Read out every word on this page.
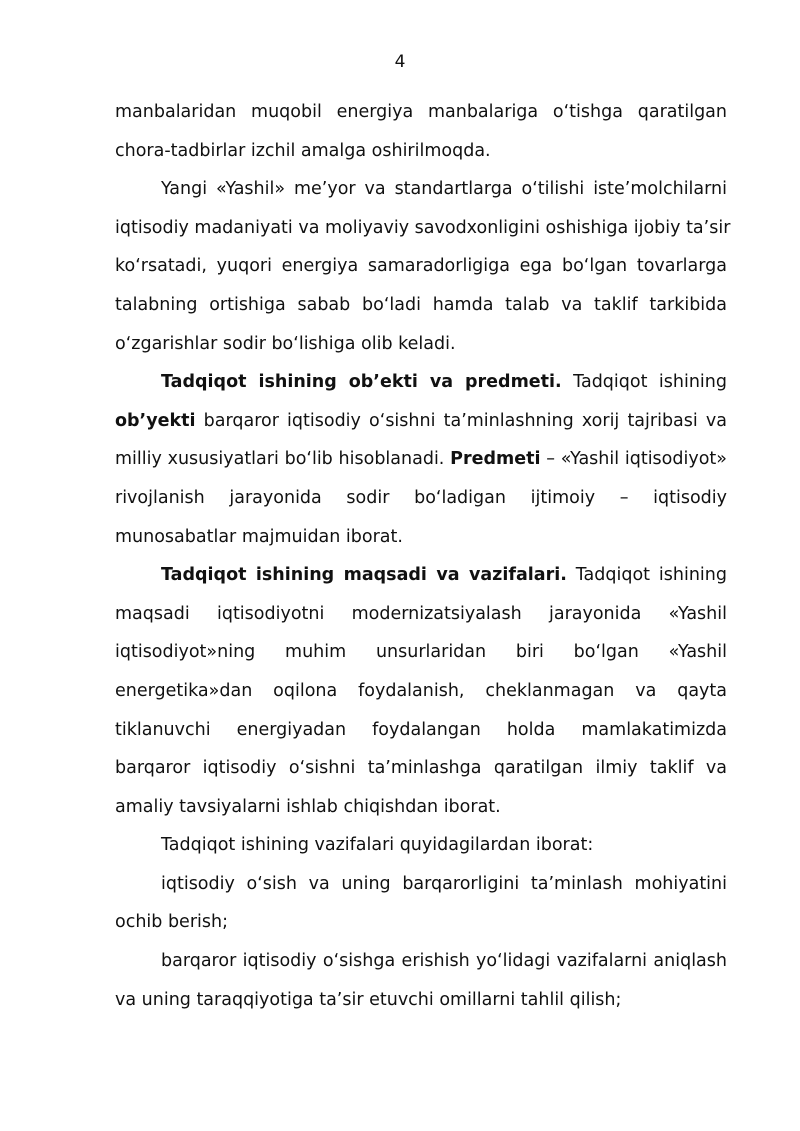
4
manbalaridan muqobil energiya manbalariga o‘tishga qaratilgan
chora-tadbirlar izchil amalga oshirilmoqda.
Yangi «Yashil» me’yor va standartlarga o‘tilishi iste’molchilarni
iqtisodiy madaniyati va moliyaviy savodxonligini oshishiga ijobiy ta’sir
ko‘rsatadi, yuqori energiya samaradorligiga ega bo‘lgan tovarlarga
talabning ortishiga sabab bo‘ladi hamda talab va taklif tarkibida
o‘zgarishlar sodir bo‘lishiga olib keladi.
Tadqiqot ishining ob’ekti va predmeti. Tadqiqot ishining
ob’yekti barqaror iqtisodiy o‘sishni ta’minlashning xorij tajribasi va
milliy xususiyatlari bo‘lib hisoblanadi. Predmeti – «Yashil iqtisodiyot»
rivojlanish jarayonida sodir bo‘ladigan ijtimoiy – iqtisodiy
munosabatlar majmuidan iborat.
Tadqiqot ishining maqsadi va vazifalari. Tadqiqot ishining
maqsadi iqtisodiyotni modernizatsiyalash jarayonida «Yashil
iqtisodiyot»ning muhim unsurlaridan biri bo‘lgan «Yashil
energetika»dan oqilona foydalanish, cheklanmagan va qayta
tiklanuvchi energiyadan foydalangan holda mamlakatimizda
barqaror iqtisodiy o‘sishni ta’minlashga qaratilgan ilmiy taklif va
amaliy tavsiyalarni ishlab chiqishdan iborat.
Tadqiqot ishining vazifalari quyidagilardan iborat:
iqtisodiy o‘sish va uning barqarorligini ta’minlash mohiyatini
ochib berish;
barqaror iqtisodiy o‘sishga erishish yo‘lidagi vazifalarni aniqlash
va uning taraqqiyotiga ta’sir etuvchi omillarni tahlil qilish;
